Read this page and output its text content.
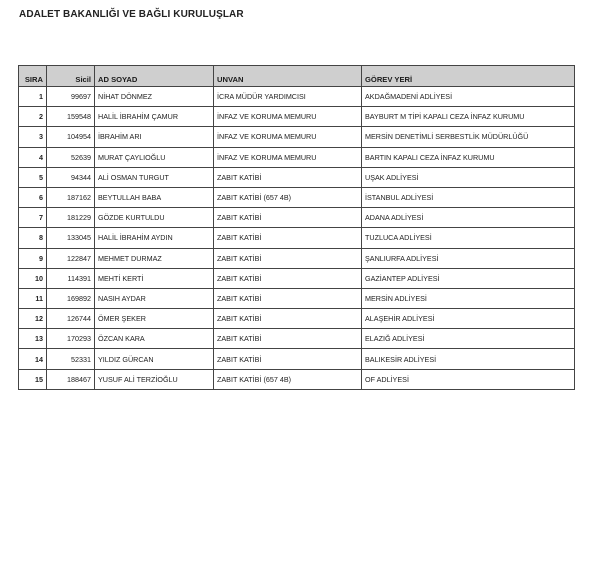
ADALET BAKANLIĞI VE BAĞLI KURULUŞLAR
SIRA	Sicil	AD SOYAD	UNVAN	GÖREV YERİ
1	99697	NİHAT DÖNMEZ	İCRA MÜDÜR YARDIMCISI	AKDAĞMADENİ ADLİYESİ
2	159548	HALİL İBRAHİM ÇAMUR	İNFAZ VE KORUMA MEMURU	BAYBURT M TİPİ KAPALI CEZA İNFAZ KURUMU
3	104954	İBRAHİM ARI	İNFAZ VE KORUMA MEMURU	MERSİN DENETİMLİ SERBESTLİK MÜDÜRLÜĞÜ
4	52639	MURAT ÇAYLIOĞLU	İNFAZ VE KORUMA MEMURU	BARTIN KAPALI CEZA İNFAZ KURUMU
5	94344	ALİ OSMAN TURGUT	ZABIT KATİBİ	UŞAK ADLİYESİ
6	187162	BEYTULLAH BABA	ZABIT KATİBİ (657 4B)	İSTANBUL ADLİYESİ
7	181229	GÖZDE KURTULDU	ZABIT KATİBİ	ADANA ADLİYESİ
8	133045	HALİL İBRAHİM AYDIN	ZABIT KATİBİ	TUZLUCA ADLİYESİ
9	122847	MEHMET DURMAZ	ZABIT KATİBİ	ŞANLIURFA ADLİYESİ
10	114391	MEHTİ KERTİ	ZABIT KATİBİ	GAZİANTEP ADLİYESİ
11	169892	NASIH AYDAR	ZABIT KATİBİ	MERSİN ADLİYESİ
12	126744	ÖMER ŞEKER	ZABIT KATİBİ	ALAŞEHİR ADLİYESİ
13	170293	ÖZCAN KARA	ZABIT KATİBİ	ELAZIĞ ADLİYESİ
14	52331	YILDIZ GÜRCAN	ZABIT KATİBİ	BALIKESİR ADLİYESİ
15	188467	YUSUF ALİ TERZİOĞLU	ZABIT KATİBİ (657 4B)	OF ADLİYESİ
